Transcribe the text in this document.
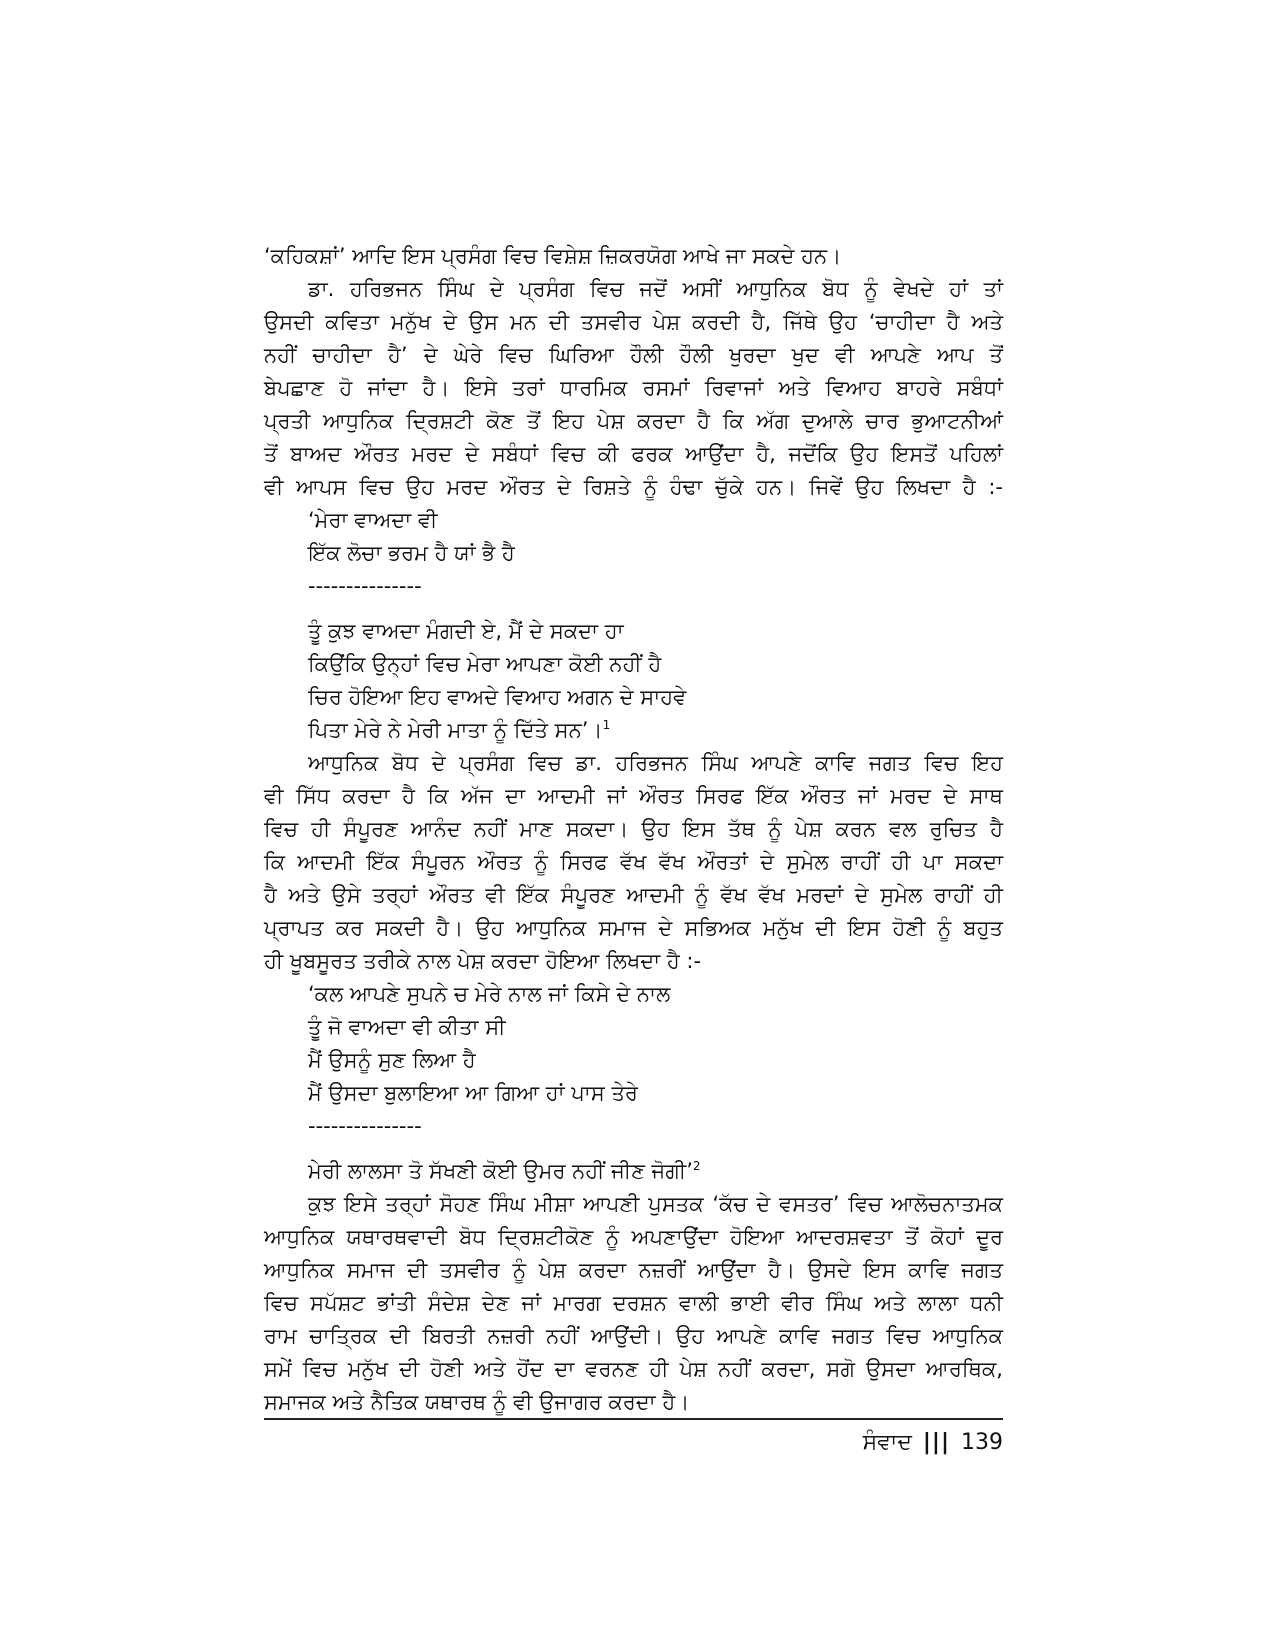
‘ਕਹਿਕਸ਼ਾਂ’ ਆਦਿ ਇਸ ਪ੍ਰਸੰਗ ਵਿਚ ਵਿਸ਼ੇਸ਼ ਜ਼ਿਕਰਯੋਗ ਆਖੇ ਜਾ ਸਕਦੇ ਹਨ।
ਡਾ. ਹਰਿਭਜਨ ਸਿੰਘ ਦੇ ਪ੍ਰਸੰਗ ਵਿਚ ਜਦੋਂ ਅਸੀਂ ਆਧੁਨਿਕ ਬੋਧ ਨੂੰ ਵੇਖਦੇ ਹਾਂ ਤਾਂ
ਉਸਦੀ ਕਵਿਤਾ ਮਨੁੱਖ ਦੇ ਉਸ ਮਨ ਦੀ ਤਸਵੀਰ ਪੇਸ਼ ਕਰਦੀ ਹੈ, ਜਿੱਥੇ ਉਹ ‘ਚਾਹੀਦਾ ਹੈ ਅਤੇ
ਨਹੀਂ ਚਾਹੀਦਾ ਹੈ’ ਦੇ ਘੇਰੇ ਵਿਚ ਘਿਰਿਆ ਹੌਲੀ ਹੌਲੀ ਖੁਰਦਾ ਖੁਦ ਵੀ ਆਪਣੇ ਆਪ ਤੋਂ
ਬੇਪਛਾਣ ਹੋ ਜਾਂਦਾ ਹੈ। ਇਸੇ ਤਰਾਂ ਧਾਰਮਿਕ ਰਸਮਾਂ ਰਿਵਾਜਾਂ ਅਤੇ ਵਿਆਹ ਬਾਹਰੇ ਸਬੰਧਾਂ
ਪ੍ਰਤੀ ਆਧੁਨਿਕ ਦ੍ਰਿਸ਼ਟੀ ਕੋਣ ਤੋਂ ਇਹ ਪੇਸ਼ ਕਰਦਾ ਹੈ ਕਿ ਅੱਗ ਦੁਆਲੇ ਚਾਰ ਭੁਆਟਨੀਆਂ
ਤੋਂ ਬਾਅਦ ਔਰਤ ਮਰਦ ਦੇ ਸਬੰਧਾਂ ਵਿਚ ਕੀ ਫਰਕ ਆਉਂਦਾ ਹੈ, ਜਦੋਂਕਿ ਉਹ ਇਸਤੋਂ ਪਹਿਲਾਂ
ਵੀ ਆਪਸ ਵਿਚ ਉਹ ਮਰਦ ਔਰਤ ਦੇ ਰਿਸ਼ਤੇ ਨੂੰ ਹੰਢਾ ਚੁੱਕੇ ਹਨ। ਜਿਵੇਂ ਉਹ ਲਿਖਦਾ ਹੈ :-
‘ਮੇਰਾ ਵਾਅਦਾ ਵੀ
ਇੱਕ ਲੋਚਾ ਭਰਮ ਹੈ ਯਾਂ ਭੈ ਹੈ
---------------
ਤੂੰ ਕੁਝ ਵਾਅਦਾ ਮੰਗਦੀ ਏ, ਮੈਂ ਦੇ ਸਕਦਾ ਹਾ
ਕਿਉਂਕਿ ਉਨ੍ਹਾਂ ਵਿਚ ਮੇਰਾ ਆਪਣਾ ਕੋਈ ਨਹੀਂ ਹੈ
ਚਿਰ ਹੋਇਆ ਇਹ ਵਾਅਦੇ ਵਿਆਹ ਅਗਨ ਦੇ ਸਾਹਵੇ
ਪਿਤਾ ਮੇਰੇ ਨੇ ਮੇਰੀ ਮਾਤਾ ਨੂੰ ਦਿੱਤੇ ਸਨ’।$^1$
ਆਧੁਨਿਕ ਬੋਧ ਦੇ ਪ੍ਰਸੰਗ ਵਿਚ ਡਾ. ਹਰਿਭਜਨ ਸਿੰਘ ਆਪਣੇ ਕਾਵਿ ਜਗਤ ਵਿਚ ਇਹ
ਵੀ ਸਿੱਧ ਕਰਦਾ ਹੈ ਕਿ ਅੱਜ ਦਾ ਆਦਮੀ ਜਾਂ ਔਰਤ ਸਿਰਫ ਇੱਕ ਔਰਤ ਜਾਂ ਮਰਦ ਦੇ ਸਾਥ
ਵਿਚ ਹੀ ਸੰਪੂਰਣ ਆਨੰਦ ਨਹੀਂ ਮਾਣ ਸਕਦਾ। ਉਹ ਇਸ ਤੱਥ ਨੂੰ ਪੇਸ਼ ਕਰਨ ਵਲ ਰੁਚਿਤ ਹੈ
ਕਿ ਆਦਮੀ ਇੱਕ ਸੰਪੂਰਨ ਔਰਤ ਨੂੰ ਸਿਰਫ ਵੱਖ ਵੱਖ ਔਰਤਾਂ ਦੇ ਸੁਮੇਲ ਰਾਹੀਂ ਹੀ ਪਾ ਸਕਦਾ
ਹੈ ਅਤੇ ਉਸੇ ਤਰ੍ਹਾਂ ਔਰਤ ਵੀ ਇੱਕ ਸੰਪੂਰਣ ਆਦਮੀ ਨੂੰ ਵੱਖ ਵੱਖ ਮਰਦਾਂ ਦੇ ਸੁਮੇਲ ਰਾਹੀਂ ਹੀ
ਪ੍ਰਾਪਤ ਕਰ ਸਕਦੀ ਹੈ। ਉਹ ਆਧੁਨਿਕ ਸਮਾਜ ਦੇ ਸਭਿਅਕ ਮਨੁੱਖ ਦੀ ਇਸ ਹੋਣੀ ਨੂੰ ਬਹੁਤ
ਹੀ ਖੂਬਸੂਰਤ ਤਰੀਕੇ ਨਾਲ ਪੇਸ਼ ਕਰਦਾ ਹੋਇਆ ਲਿਖਦਾ ਹੈ :-
‘ਕਲ ਆਪਣੇ ਸੁਪਨੇ ਚ ਮੇਰੇ ਨਾਲ ਜਾਂ ਕਿਸੇ ਦੇ ਨਾਲ
ਤੂੰ ਜੋ ਵਾਅਦਾ ਵੀ ਕੀਤਾ ਸੀ
ਮੈਂ ਉਸਨੂੰ ਸੁਣ ਲਿਆ ਹੈ
ਮੈਂ ਉਸਦਾ ਬੁਲਾਇਆ ਆ ਗਿਆ ਹਾਂ ਪਾਸ ਤੇਰੇ
---------------
ਮੇਰੀ ਲਾਲਸਾ ਤੋ ਸੱਖਣੀ ਕੋਈ ਉਮਰ ਨਹੀਂ ਜੀਣ ਜੋਗੀ’$^2$
ਕੁਝ ਇਸੇ ਤਰ੍ਹਾਂ ਸੋਹਣ ਸਿੰਘ ਮੀਸ਼ਾ ਆਪਣੀ ਪੁਸਤਕ ‘ਕੱਚ ਦੇ ਵਸਤਰ’ ਵਿਚ ਆਲੋਚਨਾਤਮਕ
ਆਧੁਨਿਕ ਯਥਾਰਥਵਾਦੀ ਬੋਧ ਦ੍ਰਿਸ਼ਟੀਕੋਣ ਨੂੰ ਅਪਣਾਉਂਦਾ ਹੋਇਆ ਆਦਰਸ਼ਵਤਾ ਤੋਂ ਕੋਹਾਂ ਦੂਰ
ਆਧੁਨਿਕ ਸਮਾਜ ਦੀ ਤਸਵੀਰ ਨੂੰ ਪੇਸ਼ ਕਰਦਾ ਨਜ਼ਰੀਂ ਆਉਂਦਾ ਹੈ। ਉਸਦੇ ਇਸ ਕਾਵਿ ਜਗਤ
ਵਿਚ ਸਪੱਸ਼ਟ ਭਾਂਤੀ ਸੰਦੇਸ਼ ਦੇਣ ਜਾਂ ਮਾਰਗ ਦਰਸ਼ਨ ਵਾਲੀ ਭਾਈ ਵੀਰ ਸਿੰਘ ਅਤੇ ਲਾਲਾ ਧਨੀ
ਰਾਮ ਚਾਤ੍ਰਿਕ ਦੀ ਬਿਰਤੀ ਨਜ਼ਰੀ ਨਹੀਂ ਆਉਂਦੀ। ਉਹ ਆਪਣੇ ਕਾਵਿ ਜਗਤ ਵਿਚ ਆਧੁਨਿਕ
ਸਮੇਂ ਵਿਚ ਮਨੁੱਖ ਦੀ ਹੋਣੀ ਅਤੇ ਹੋਂਦ ਦਾ ਵਰਨਣ ਹੀ ਪੇਸ਼ ਨਹੀਂ ਕਰਦਾ, ਸਗੋ ਉਸਦਾ ਆਰਥਿਕ,
ਸਮਾਜਕ ਅਤੇ ਨੈਤਿਕ ਯਥਾਰਥ ਨੂੰ ਵੀ ਉਜਾਗਰ ਕਰਦਾ ਹੈ।
ਸੰਵਾਦ ||| 139
